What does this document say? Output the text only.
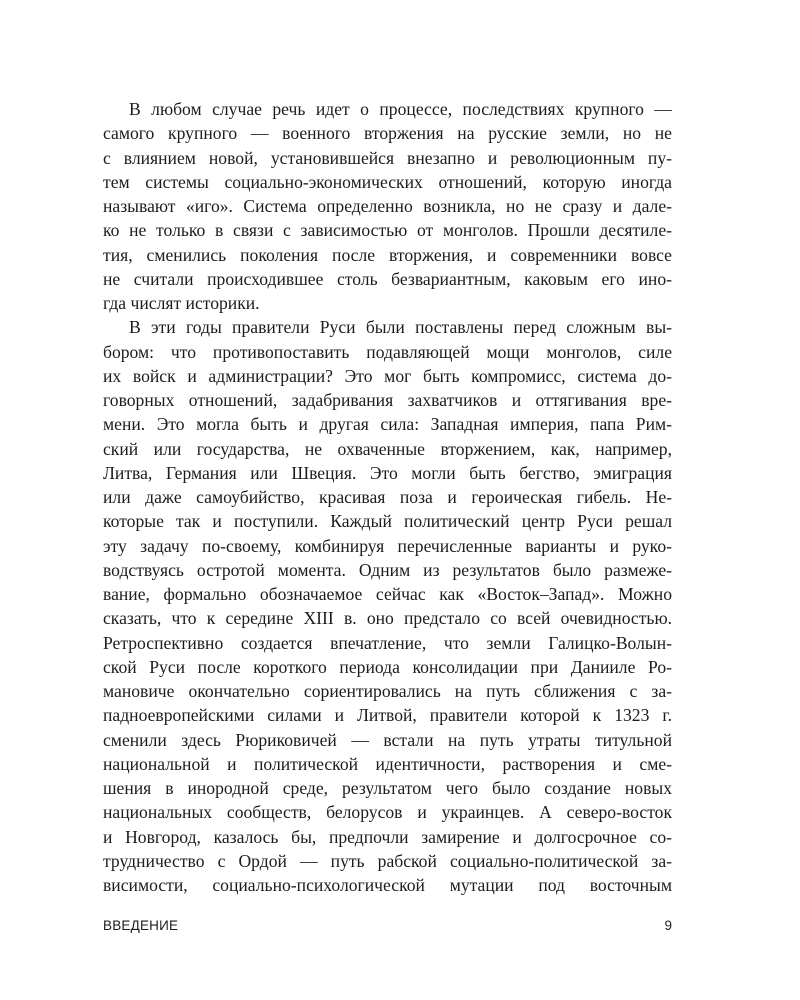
В любом случае речь идет о процессе, последствиях крупного —
самого крупного — военного вторжения на русские земли, но не
с влиянием новой, установившейся внезапно и революционным пу-
тем системы социально-экономических отношений, которую иногда
называют «иго». Система определенно возникла, но не сразу и дале-
ко не только в связи с зависимостью от монголов. Прошли десятиле-
тия, сменились поколения после вторжения, и современники вовсе
не считали происходившее столь безвариантным, каковым его ино-
гда числят историки.
В эти годы правители Руси были поставлены перед сложным вы-
бором: что противопоставить подавляющей мощи монголов, силе
их войск и администрации? Это мог быть компромисс, система до-
говорных отношений, задабривания захватчиков и оттягивания вре-
мени. Это могла быть и другая сила: Западная империя, папа Рим-
ский или государства, не охваченные вторжением, как, например,
Литва, Германия или Швеция. Это могли быть бегство, эмиграция
или даже самоубийство, красивая поза и героическая гибель. Не-
которые так и поступили. Каждый политический центр Руси решал
эту задачу по-своему, комбинируя перечисленные варианты и руко-
водствуясь остротой момента. Одним из результатов было размеже-
вание, формально обозначаемое сейчас как «Восток–Запад». Можно
сказать, что к середине XIII в. оно предстало со всей очевидностью.
Ретроспективно создается впечатление, что земли Галицко-Волын-
ской Руси после короткого периода консолидации при Данииле Ро-
мановиче окончательно сориентировались на путь сближения с за-
падноевропейскими силами и Литвой, правители которой к 1323 г.
сменили здесь Рюриковичей — встали на путь утраты титульной
национальной и политической идентичности, растворения и сме-
шения в инородной среде, результатом чего было создание новых
национальных сообществ, белорусов и украинцев. А северо-восток
и Новгород, казалось бы, предпочли замирение и долгосрочное со-
трудничество с Ордой — путь рабской социально-политической за-
висимости, социально-психологической мутации под восточным
ВВЕДЕНИЕ	9
